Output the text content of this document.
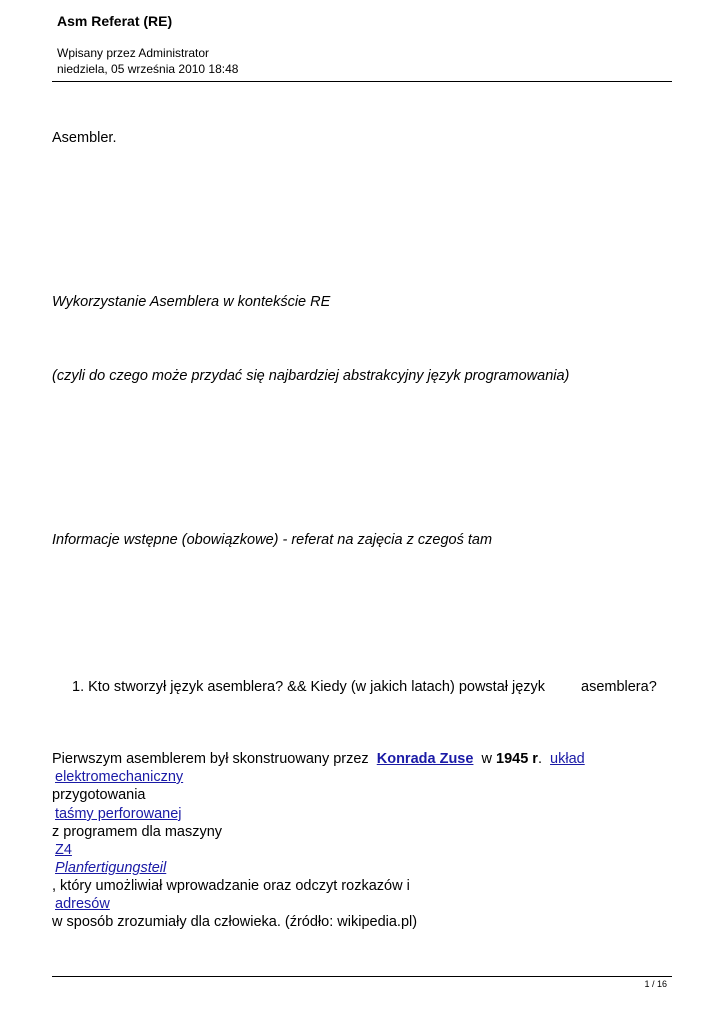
Asm Referat (RE)
Wpisany przez Administrator
niedziela, 05 września 2010 18:48
Asembler.
Wykorzystanie Asemblera w kontekście RE
(czyli do czego może przydać się najbardziej abstrakcyjny język programowania)
Informacje wstępne (obowiązkowe) - referat na zajęcia z czegoś tam
1. Kto stworzył język asemblera? && Kiedy (w jakich latach) powstał język asemblera?
Pierwszym asemblerem był skonstruowany przez Konrada Zuse w 1945 r. układ
elektromechaniczny
przygotowania
taśmy perforowanej
z programem dla maszyny
Z4
Planfertigungsteil
, który umożliwiał wprowadzanie oraz odczyt rozkazów i
adresów
w sposób zrozumiały dla człowieka. (źródło: wikipedia.pl)
1 / 16
